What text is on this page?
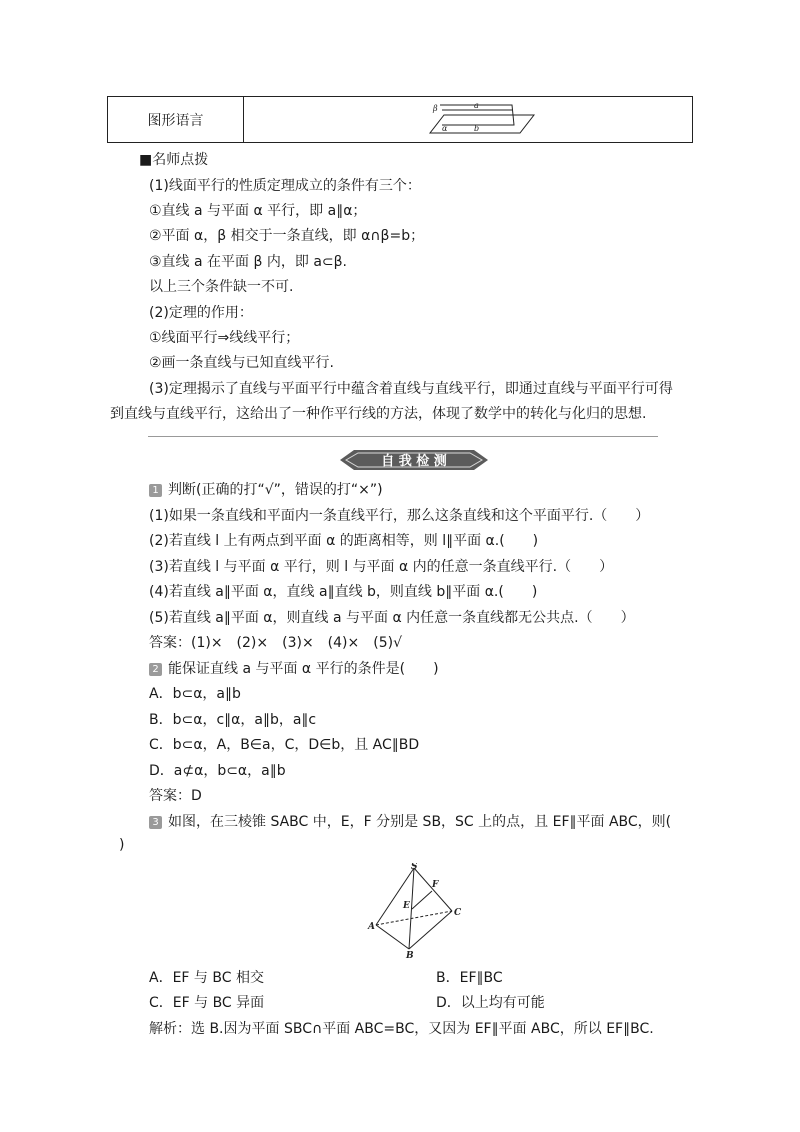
图形语言
β	a
α	b
■名师点拨
(1)线面平行的性质定理成立的条件有三个：
①直线 a 与平面 α 平行，即 a∥α；
②平面 α，β 相交于一条直线，即 α∩β=b；
③直线 a 在平面 β 内，即 a⊂β.
以上三个条件缺一不可.
(2)定理的作用：
①线面平行⇒线线平行；
②画一条直线与已知直线平行.
(3)定理揭示了直线与平面平行中蕴含着直线与直线平行，即通过直线与平面平行可得
到直线与直线平行，这给出了一种作平行线的方法，体现了数学中的转化与化归的思想.
自 我 检 测
1 判断(正确的打“√”，错误的打“×”)
(1)如果一条直线和平面内一条直线平行，那么这条直线和这个平面平行.（　　）
(2)若直线 l 上有两点到平面 α 的距离相等，则 l∥平面 α.(　　)
(3)若直线 l 与平面 α 平行，则 l 与平面 α 内的任意一条直线平行.（　　）
(4)若直线 a∥平面 α，直线 a∥直线 b，则直线 b∥平面 α.(　　)
(5)若直线 a∥平面 α，则直线 a 与平面 α 内任意一条直线都无公共点.（　　）
答案：(1)×　(2)×　(3)×　(4)×　(5)√
2 能保证直线 a 与平面 α 平行的条件是(　　)
A．b⊂α，a∥b
B．b⊂α，c∥α，a∥b，a∥c
C．b⊂α，A，B∈a，C，D∈b，且 AC∥BD
D．a⊄α，b⊂α，a∥b
答案：D
3 如图，在三棱锥 SABC 中，E，F 分别是 SB，SC 上的点，且 EF∥平面 ABC，则(
)
S
F
E
C
A
B
A．EF 与 BC 相交	B．EF∥BC
C．EF 与 BC 异面	D．以上均有可能
解析：选 B.因为平面 SBC∩平面 ABC=BC，又因为 EF∥平面 ABC，所以 EF∥BC.
